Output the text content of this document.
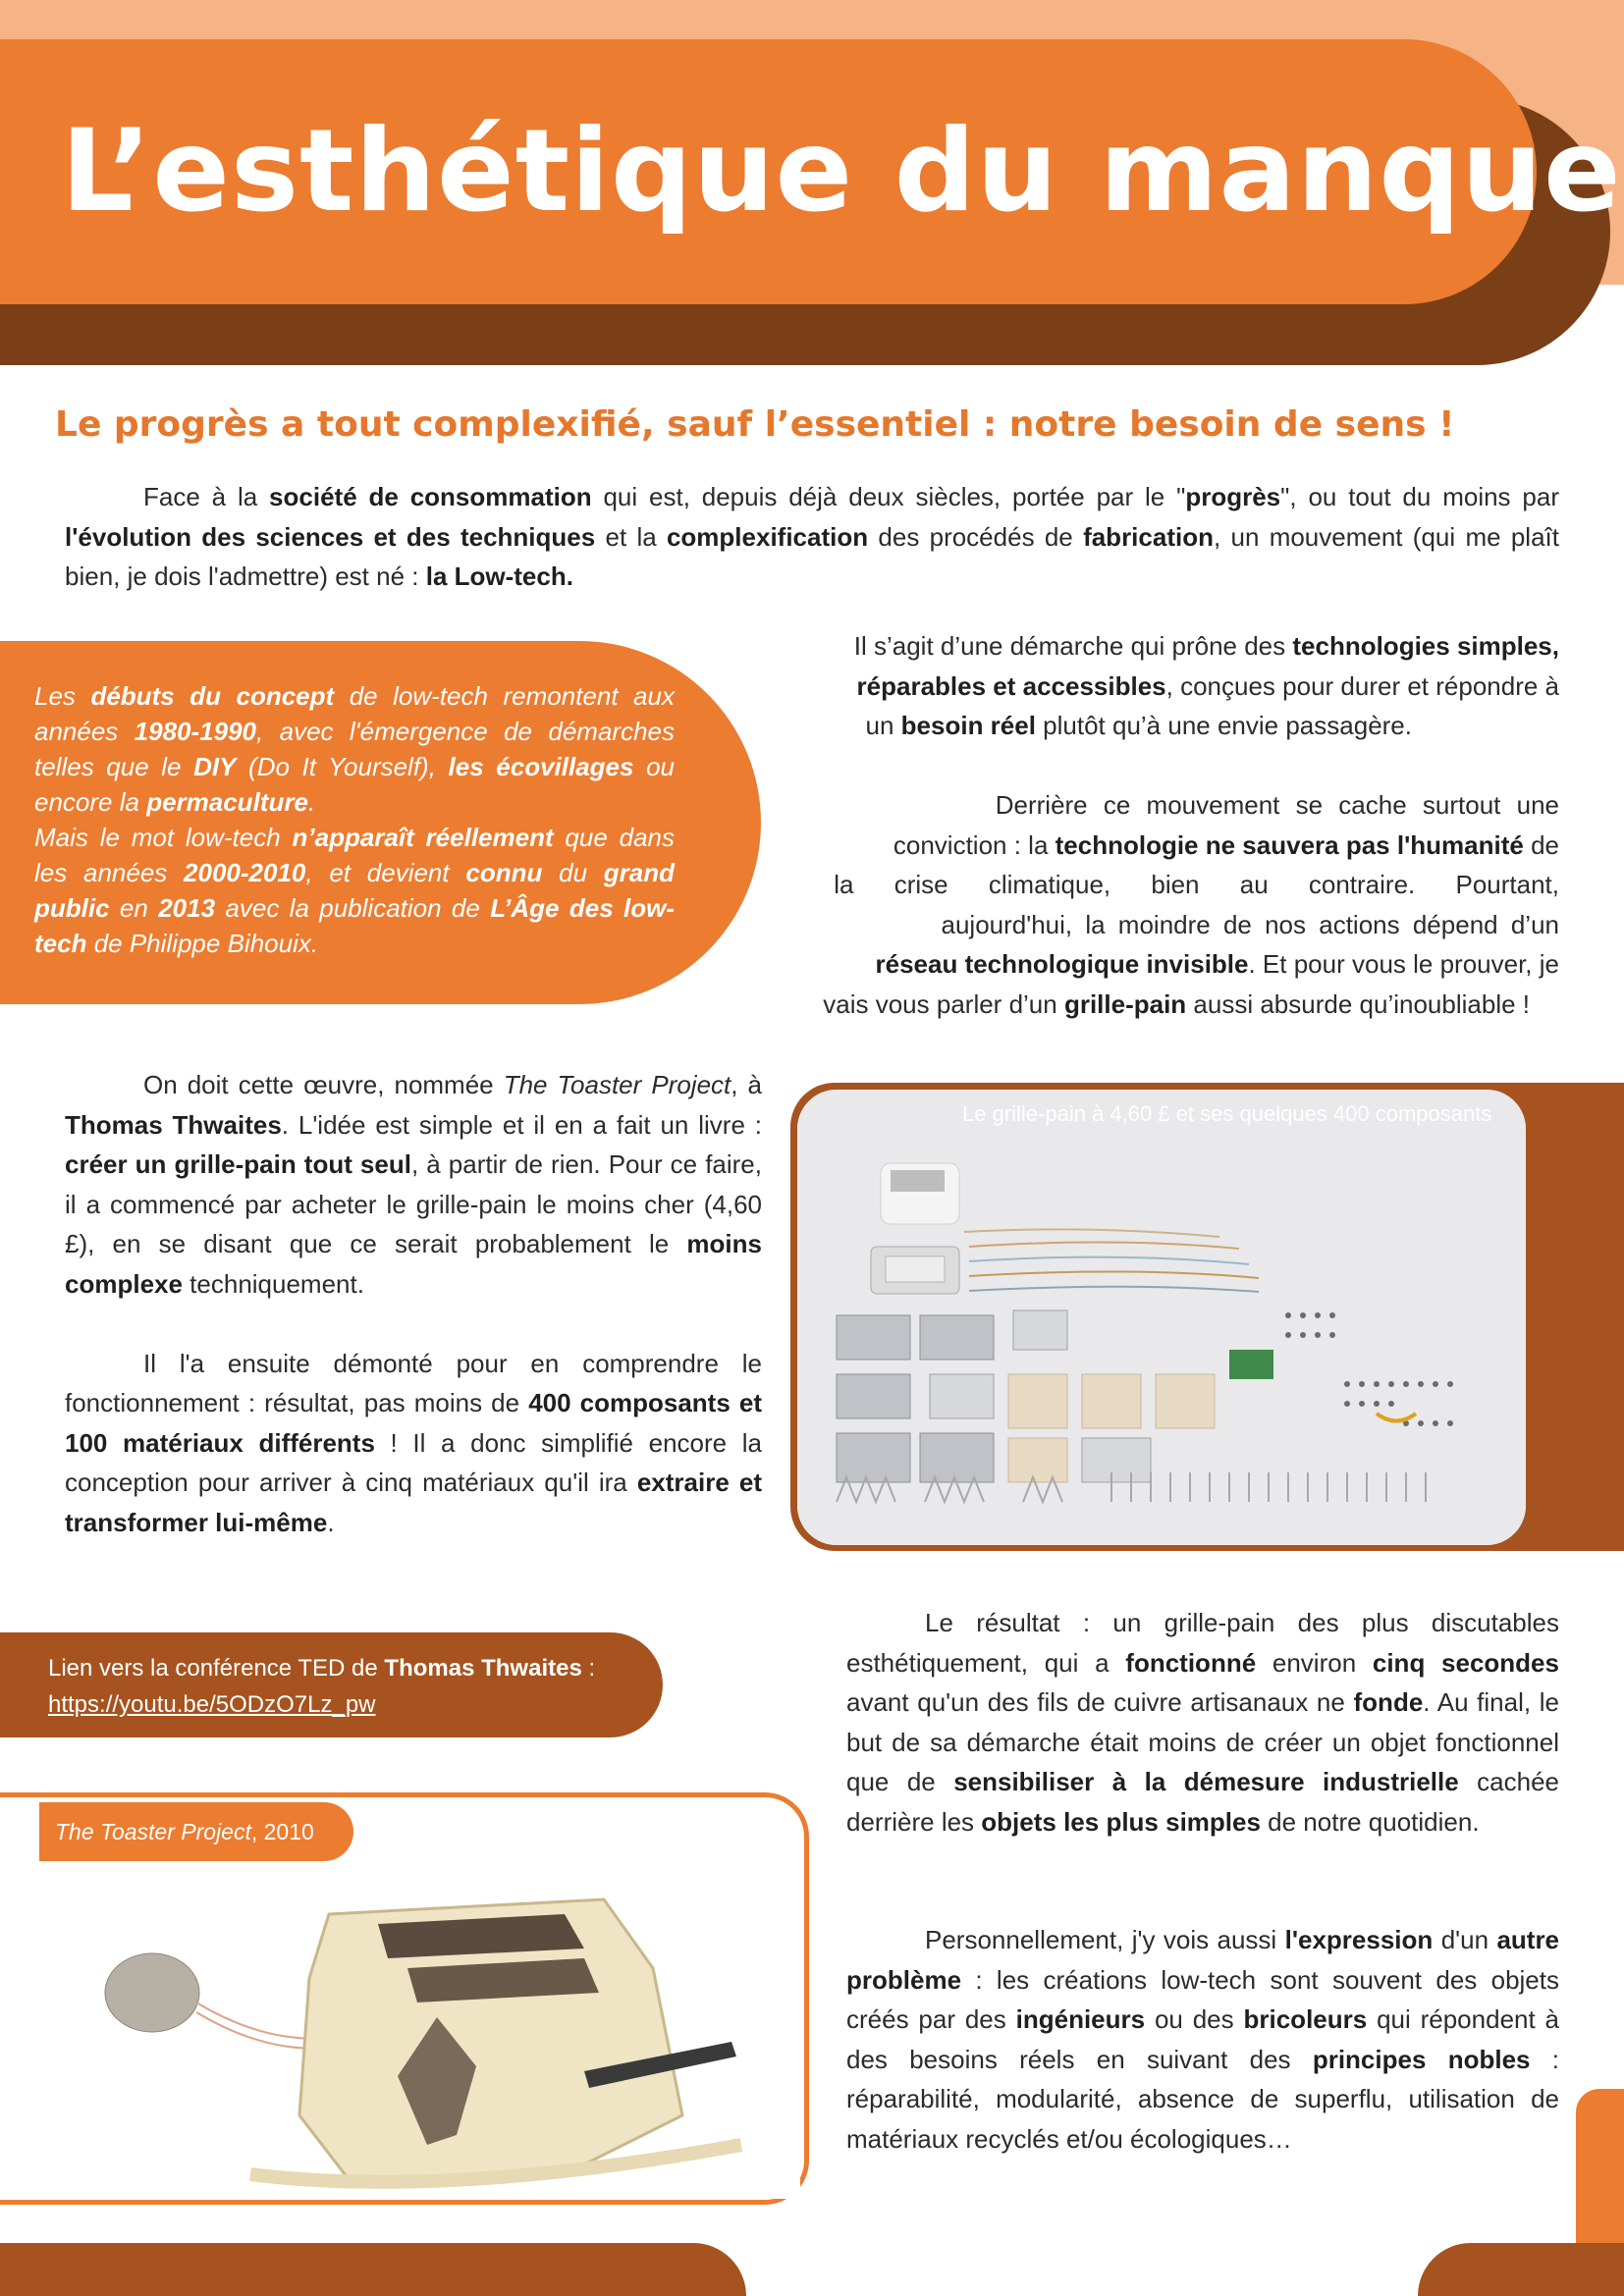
L’esthétique du manque
Le progrès a tout complexifié, sauf l’essentiel : notre besoin de sens !

Face à la société de consommation qui est, depuis déjà deux siècles, portée par le "progrès", ou tout du moins par l'évolution des sciences et des techniques et la complexification des procédés de fabrication, un mouvement (qui me plaît bien, je dois l'admettre) est né : la Low-tech.

Les débuts du concept de low-tech remontent aux années 1980-1990, avec l'émergence de démarches telles que le DIY (Do It Yourself), les écovillages ou encore la permaculture.
Mais le mot low-tech n’apparaît réellement que dans les années 2000-2010, et devient connu du grand public en 2013 avec la publication de L’Âge des low-tech de Philippe Bihouix.

Il s’agit d’une démarche qui prône des technologies simples,
réparables et accessibles, conçues pour durer et répondre à
un besoin réel plutôt qu’à une envie passagère.

Derrière ce mouvement se cache surtout une
conviction : la technologie ne sauvera pas l'humanité de
la crise climatique, bien au contraire. Pourtant,
aujourd'hui, la moindre de nos actions dépend d’un
réseau technologique invisible. Et pour vous le prouver, je
vais vous parler d’un grille-pain aussi absurde qu’inoubliable !

On doit cette œuvre, nommée The Toaster Project, à Thomas Thwaites. L'idée est simple et il en a fait un livre : créer un grille-pain tout seul, à partir de rien. Pour ce faire, il a commencé par acheter le grille-pain le moins cher (4,60 £), en se disant que ce serait probablement le moins complexe techniquement.

Il l'a ensuite démonté pour en comprendre le fonctionnement : résultat, pas moins de 400 composants et 100 matériaux différents ! Il a donc simplifié encore la conception pour arriver à cinq matériaux qu'il ira extraire et transformer lui-même.

Le grille-pain à 4,60 £ et ses quelques 400 composants

Lien vers la conférence TED de Thomas Thwaites :
https://youtu.be/5ODzO7Lz_pw

The Toaster Project, 2010

Le résultat : un grille-pain des plus discutables esthétiquement, qui a fonctionné environ cinq secondes avant qu'un des fils de cuivre artisanaux ne fonde. Au final, le but de sa démarche était moins de créer un objet fonctionnel que de sensibiliser à la démesure industrielle cachée derrière les objets les plus simples de notre quotidien.

Personnellement, j'y vois aussi l'expression d'un autre problème : les créations low-tech sont souvent des objets créés par des ingénieurs ou des bricoleurs qui répondent à des besoins réels en suivant des principes nobles : réparabilité, modularité, absence de superflu, utilisation de matériaux recyclés et/ou écologiques…
